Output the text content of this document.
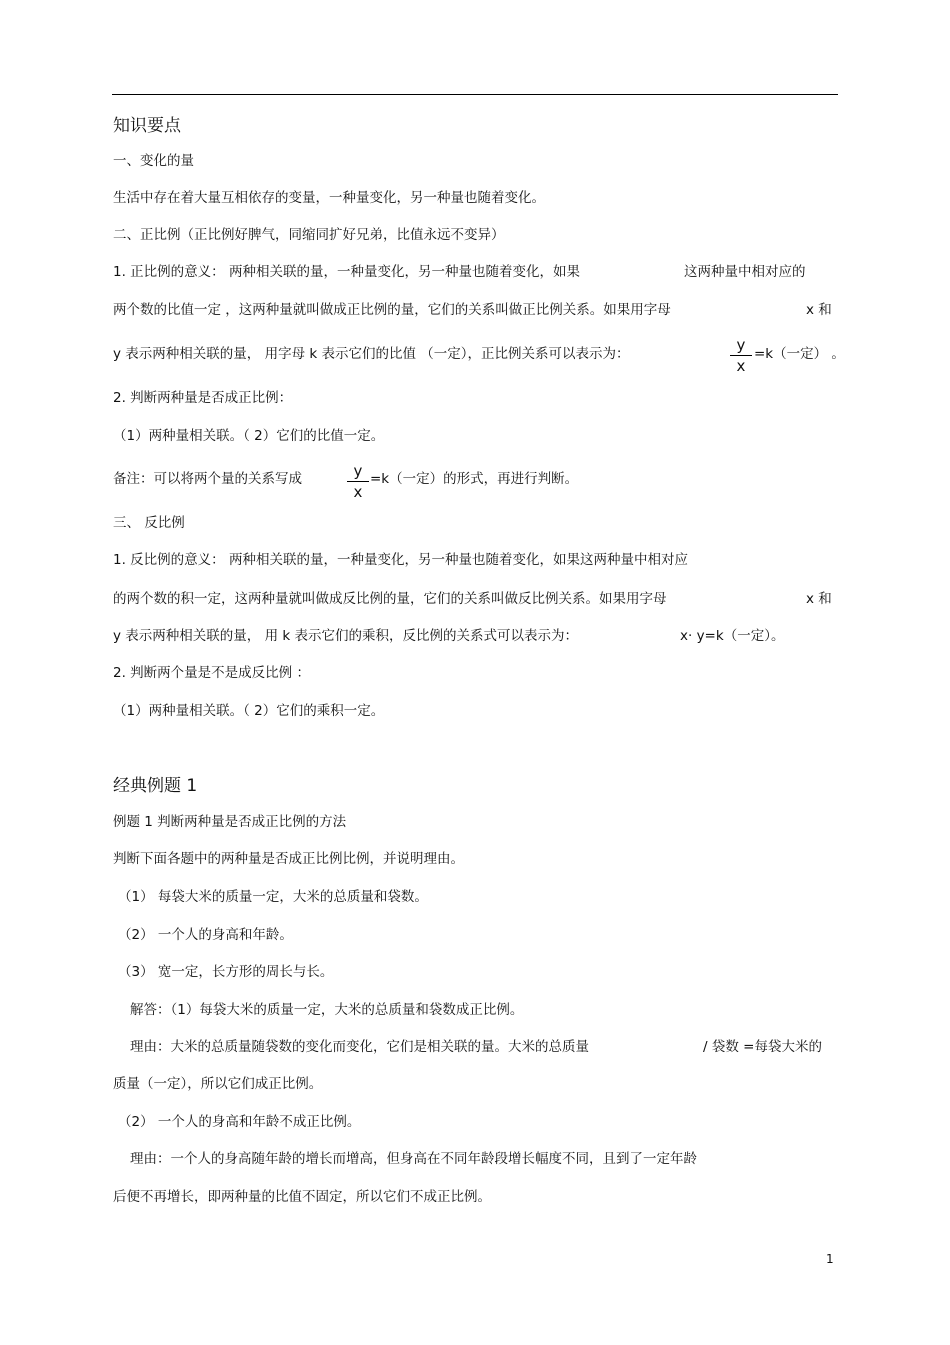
知识要点
一、变化的量
生活中存在着大量互相依存的变量，一种量变化，另一种量也随着变化。
二、正比例（正比例好脾气，同缩同扩好兄弟，比值永远不变异）
1. 正比例的意义： 两种相关联的量，一种量变化，另一种量也随着变化，如果	这两种量中相对应的
两个数的比值一定 ，这两种量就叫做成正比例的量，它们的关系叫做正比例关系。如果用字母	x 和
y 表示两种相关联的量， 用字母 k 表示它们的比值 （一定），正比例关系可以表示为：	$\frac{y}{x} =k$（一定） 。
2. 判断两种量是否成正比例：
（1）两种量相关联。（ 2）它们的比值一定。
备注：可以将两个量的关系写成	$\frac{y}{x} =k$（一定）的形式，再进行判断。
三、 反比例
1. 反比例的意义： 两种相关联的量，一种量变化，另一种量也随着变化，如果这两种量中相对应
的两个数的积一定，这两种量就叫做成反比例的量，它们的关系叫做反比例关系。如果用字母	x 和
y 表示两种相关联的量， 用 k 表示它们的乘积，反比例的关系式可以表示为：	x· y=k（一定）。
2. 判断两个量是不是成反比例 ：
（1）两种量相关联。（ 2）它们的乘积一定。
经典例题 1
例题 1 判断两种量是否成正比例的方法
判断下面各题中的两种量是否成正比例比例，并说明理由。
（1） 每袋大米的质量一定，大米的总质量和袋数。
（2） 一个人的身高和年龄。
（3） 宽一定，长方形的周长与长。
解答：（1）每袋大米的质量一定，大米的总质量和袋数成正比例。
理由：大米的总质量随袋数的变化而变化，它们是相关联的量。大米的总质量	/ 袋数 =每袋大米的
质量（一定），所以它们成正比例。
（2） 一个人的身高和年龄不成正比例。
理由：一个人的身高随年龄的增长而增高，但身高在不同年龄段增长幅度不同，且到了一定年龄
后便不再增长，即两种量的比值不固定，所以它们不成正比例。
1
